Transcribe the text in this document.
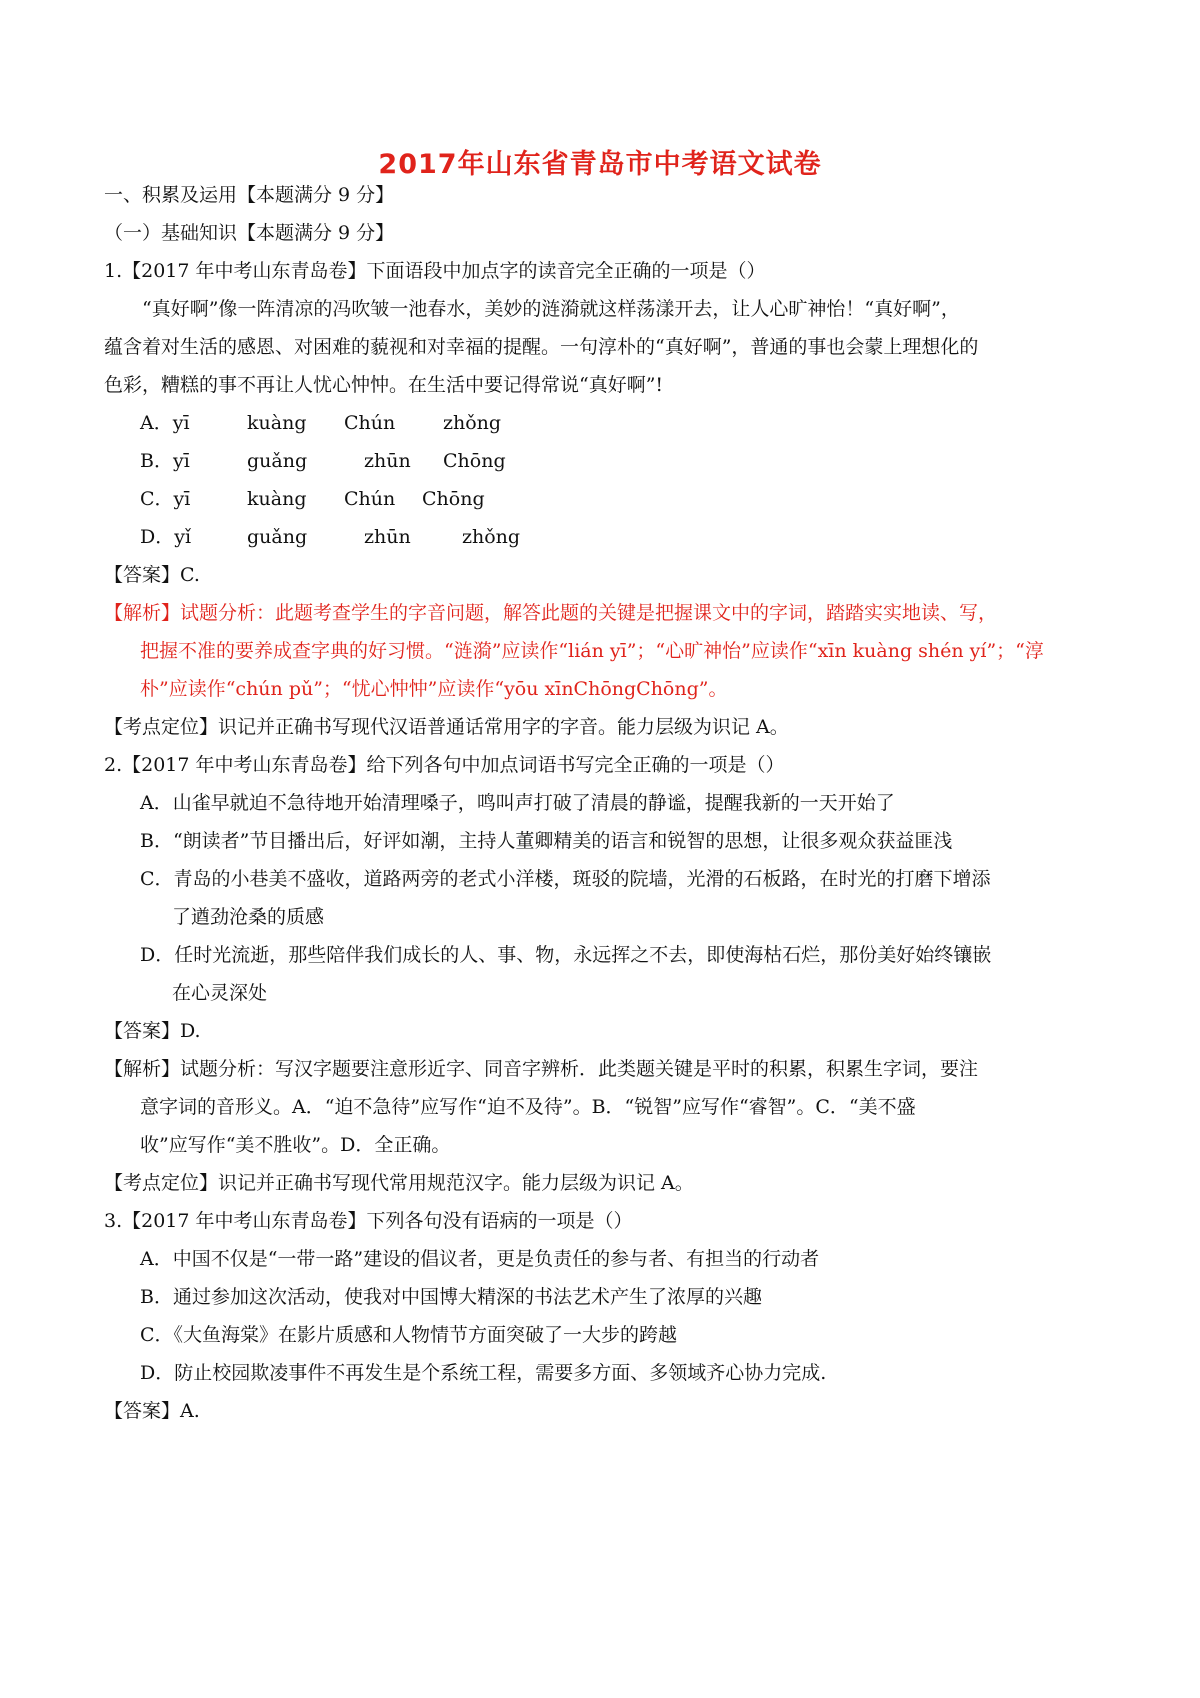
2017年山东省青岛市中考语文试卷
一、积累及运用【本题满分 9 分】
（一）基础知识【本题满分 9 分】
1.【2017 年中考山东青岛卷】下面语段中加点字的读音完全正确的一项是（）
“真好啊”像一阵清凉的冯吹皱一池春水，美妙的涟漪就这样荡漾开去，让人心旷神怡！“真好啊”，
蕴含着对生活的感恩、对困难的藐视和对幸福的提醒。一句淳朴的“真好啊”，普通的事也会蒙上理想化的
色彩，糟糕的事不再让人忧心忡忡。在生活中要记得常说“真好啊”!
A．yī	kuàng Chún	zhǒng
B．yī	guǎng	zhūn Chōng
C．yī	kuàng Chún Chōng
D．yǐ	guǎng	zhūn	zhǒng
【答案】C.
【解析】试题分析：此题考查学生的字音问题，解答此题的关键是把握课文中的字词，踏踏实实地读、写，
把握不准的要养成查字典的好习惯。“涟漪”应读作“lián yī”；“心旷神怡”应读作“xīn kuàng shén yí”；“淳
朴”应读作“chún pǔ”；“忧心忡忡”应读作“yōu xīnChōngChōng”。
【考点定位】识记并正确书写现代汉语普通话常用字的字音。能力层级为识记 A。
2.【2017 年中考山东青岛卷】给下列各句中加点词语书写完全正确的一项是（）
A．山雀早就迫不急待地开始清理嗓子，鸣叫声打破了清晨的静谧，提醒我新的一天开始了
B．“朗读者”节目播出后，好评如潮，主持人董卿精美的语言和锐智的思想，让很多观众获益匪浅
C．青岛的小巷美不盛收，道路两旁的老式小洋楼，斑驳的院墙，光滑的石板路，在时光的打磨下增添
了遒劲沧桑的质感
D．任时光流逝，那些陪伴我们成长的人、事、物，永远挥之不去，即使海枯石烂，那份美好始终镶嵌
在心灵深处
【答案】D.
【解析】试题分析：写汉字题要注意形近字、同音字辨析．此类题关键是平时的积累，积累生字词，要注
意字词的音形义。A．“迫不急待”应写作“迫不及待”。B．“锐智”应写作“睿智”。C．“美不盛
收”应写作“美不胜收”。D．全正确。
【考点定位】识记并正确书写现代常用规范汉字。能力层级为识记 A。
3.【2017 年中考山东青岛卷】下列各句没有语病的一项是（）
A．中国不仅是“一带一路”建设的倡议者，更是负责任的参与者、有担当的行动者
B．通过参加这次活动，使我对中国博大精深的书法艺术产生了浓厚的兴趣
C．《大鱼海棠》在影片质感和人物情节方面突破了一大步的跨越
D．防止校园欺凌事件不再发生是个系统工程，需要多方面、多领域齐心协力完成.
【答案】A.
